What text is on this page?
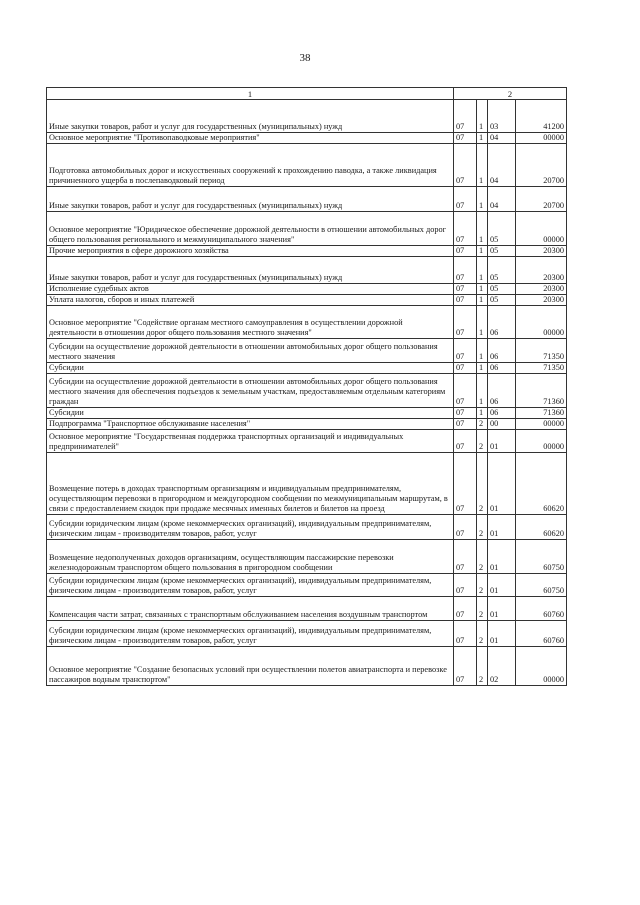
38
1	2			
Иные закупки товаров, работ и услуг для государственных (муниципальных) нужд	07	1	03	41200
Основное мероприятие "Противопаводковые мероприятия"	07	1	04	00000
Подготовка автомобильных дорог и искусственных сооружений к прохождению паводка, а также ликвидация причиненного ущерба в послепаводковый период	07	1	04	20700
Иные закупки товаров, работ и услуг для государственных (муниципальных) нужд	07	1	04	20700
Основное мероприятие "Юридическое обеспечение дорожной деятельности в отношении автомобильных дорог общего пользования регионального и межмуниципального значения"	07	1	05	00000
Прочие мероприятия в сфере дорожного хозяйства	07	1	05	20300
Иные закупки товаров, работ и услуг для государственных (муниципальных) нужд	07	1	05	20300
Исполнение судебных актов	07	1	05	20300
Уплата налогов, сборов и иных платежей	07	1	05	20300
Основное мероприятие "Содействие органам местного самоуправления в осуществлении дорожной деятельности в отношении дорог общего пользования местного значения"	07	1	06	00000
Субсидии на осуществление дорожной деятельности в отношении автомобильных дорог общего пользования местного значения	07	1	06	71350
Субсидии	07	1	06	71350
Субсидии на осуществление дорожной деятельности в отношении автомобильных дорог общего пользования местного значения для обеспечения подъездов к земельным участкам, предоставляемым отдельным категориям граждан	07	1	06	71360
Субсидии	07	1	06	71360
Подпрограмма "Транспортное обслуживание населения"	07	2	00	00000
Основное мероприятие "Государственная поддержка транспортных организаций и индивидуальных предпринимателей"	07	2	01	00000
Возмещение потерь в доходах транспортным организациям и индивидуальным предпринимателям, осуществляющим перевозки в пригородном и междугородном сообщении по межмуниципальным маршрутам, в связи с предоставлением скидок при продаже месячных именных билетов и билетов на проезд	07	2	01	60620
Субсидии юридическим лицам (кроме некоммерческих организаций), индивидуальным предпринимателям, физическим лицам - производителям товаров, работ, услуг	07	2	01	60620
Возмещение недополученных доходов организациям, осуществляющим пассажирские перевозки железнодорожным транспортом общего пользования в пригородном сообщении	07	2	01	60750
Субсидии юридическим лицам (кроме некоммерческих организаций), индивидуальным предпринимателям, физическим лицам - производителям товаров, работ, услуг	07	2	01	60750
Компенсация части затрат, связанных с транспортным обслуживанием населения воздушным транспортом	07	2	01	60760
Субсидии юридическим лицам (кроме некоммерческих организаций), индивидуальным предпринимателям, физическим лицам - производителям товаров, работ, услуг	07	2	01	60760
Основное мероприятие "Создание безопасных условий при осуществлении полетов авиатранспорта и перевозке пассажиров водным транспортом"	07	2	02	00000
